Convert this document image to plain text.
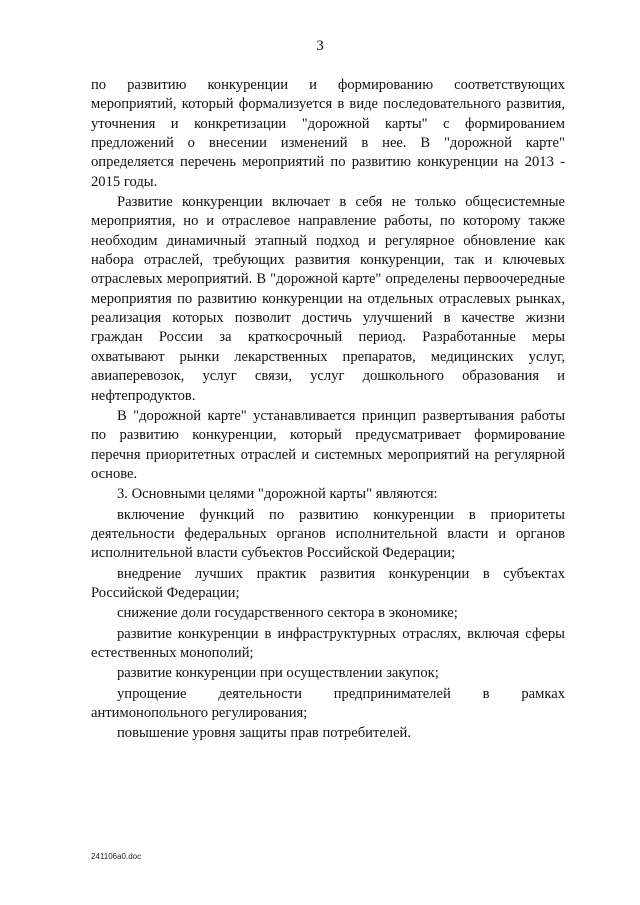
3

по развитию конкуренции и формированию соответствующих мероприятий, который формализуется в виде последовательного развития, уточнения и конкретизации "дорожной карты" с формированием предложений о внесении изменений в нее. В "дорожной карте" определяется перечень мероприятий по развитию конкуренции на 2013 - 2015 годы.

Развитие конкуренции включает в себя не только общесистемные мероприятия, но и отраслевое направление работы, по которому также необходим динамичный этапный подход и регулярное обновление как набора отраслей, требующих развития конкуренции, так и ключевых отраслевых мероприятий. В "дорожной карте" определены первоочередные мероприятия по развитию конкуренции на отдельных отраслевых рынках, реализация которых позволит достичь улучшений в качестве жизни граждан России за краткосрочный период. Разработанные меры охватывают рынки лекарственных препаратов, медицинских услуг, авиаперевозок, услуг связи, услуг дошкольного образования и нефтепродуктов.

В "дорожной карте" устанавливается принцип развертывания работы по развитию конкуренции, который предусматривает формирование перечня приоритетных отраслей и системных мероприятий на регулярной основе.

3. Основными целями "дорожной карты" являются:

включение функций по развитию конкуренции в приоритеты деятельности федеральных органов исполнительной власти и органов исполнительной власти субъектов Российской Федерации;

внедрение лучших практик развития конкуренции в субъектах Российской Федерации;

снижение доли государственного сектора в экономике;

развитие конкуренции в инфраструктурных отраслях, включая сферы естественных монополий;

развитие конкуренции при осуществлении закупок;

упрощение деятельности предпринимателей в рамках антимонопольного регулирования;

повышение уровня защиты прав потребителей.

241106a0.doc
